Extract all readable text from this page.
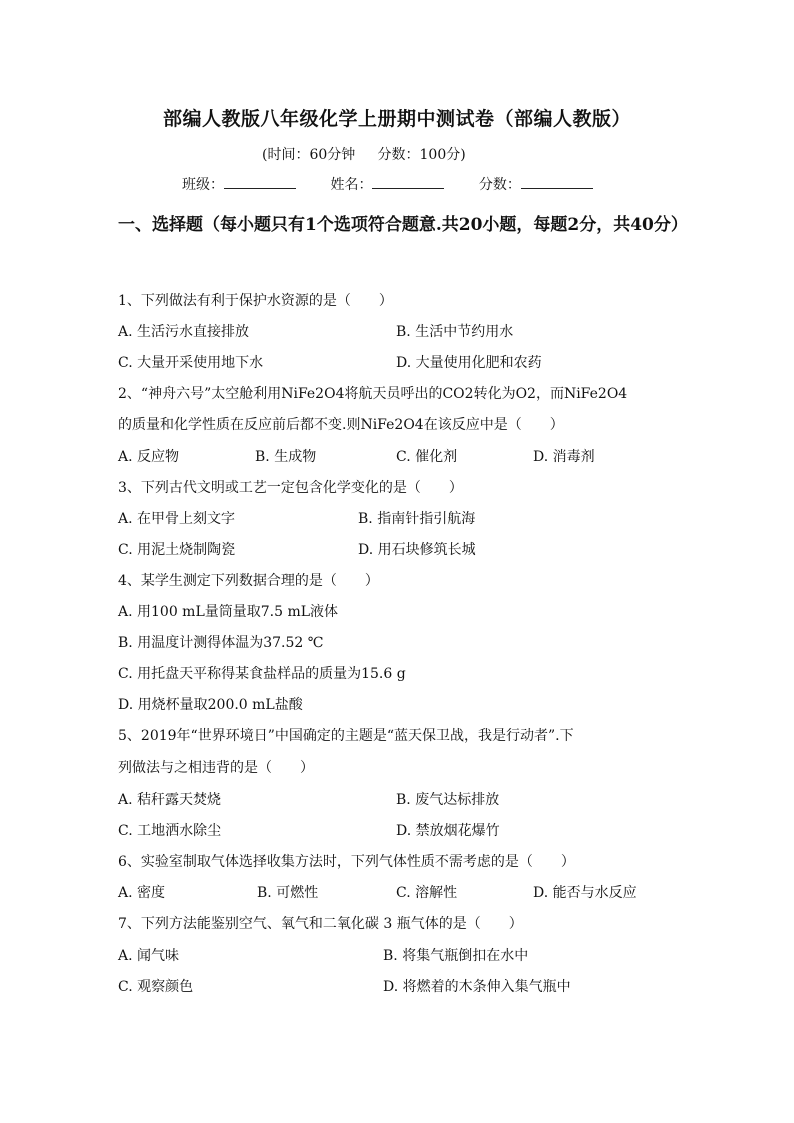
部编人教版八年级化学上册期中测试卷（部编人教版）
(时间：60分钟     分数：100分)
班级：	姓名：	分数：
一、选择题（每小题只有1个选项符合题意.共20小题，每题2分，共40分）
1、下列做法有利于保护水资源的是（　　）
A. 生活污水直接排放	B. 生活中节约用水
C. 大量开采使用地下水	D. 大量使用化肥和农药
2、“神舟六号”太空舱利用NiFe2O4将航天员呼出的CO2转化为O2，而NiFe2O4
的质量和化学性质在反应前后都不变.则NiFe2O4在该反应中是（　　）
A. 反应物	B. 生成物	C. 催化剂	D. 消毒剂
3、下列古代文明或工艺一定包含化学变化的是（　　）
A. 在甲骨上刻文字	B. 指南针指引航海
C. 用泥土烧制陶瓷	D. 用石块修筑长城
4、某学生测定下列数据合理的是（　　）
A. 用100 mL量筒量取7.5 mL液体
B. 用温度计测得体温为37.52 ℃
C. 用托盘天平称得某食盐样品的质量为15.6 g
D. 用烧杯量取200.0 mL盐酸
5、2019年“世界环境日”中国确定的主题是“蓝天保卫战，我是行动者”.下
列做法与之相违背的是（　　）
A. 秸秆露天焚烧	B. 废气达标排放
C. 工地洒水除尘	D. 禁放烟花爆竹
6、实验室制取气体选择收集方法时，下列气体性质不需考虑的是（　　）
A. 密度	B. 可燃性	C. 溶解性	D. 能否与水反应
7、下列方法能鉴别空气、氧气和二氧化碳 3 瓶气体的是（　　）
A. 闻气味	B. 将集气瓶倒扣在水中
C. 观察颜色	D. 将燃着的木条伸入集气瓶中
